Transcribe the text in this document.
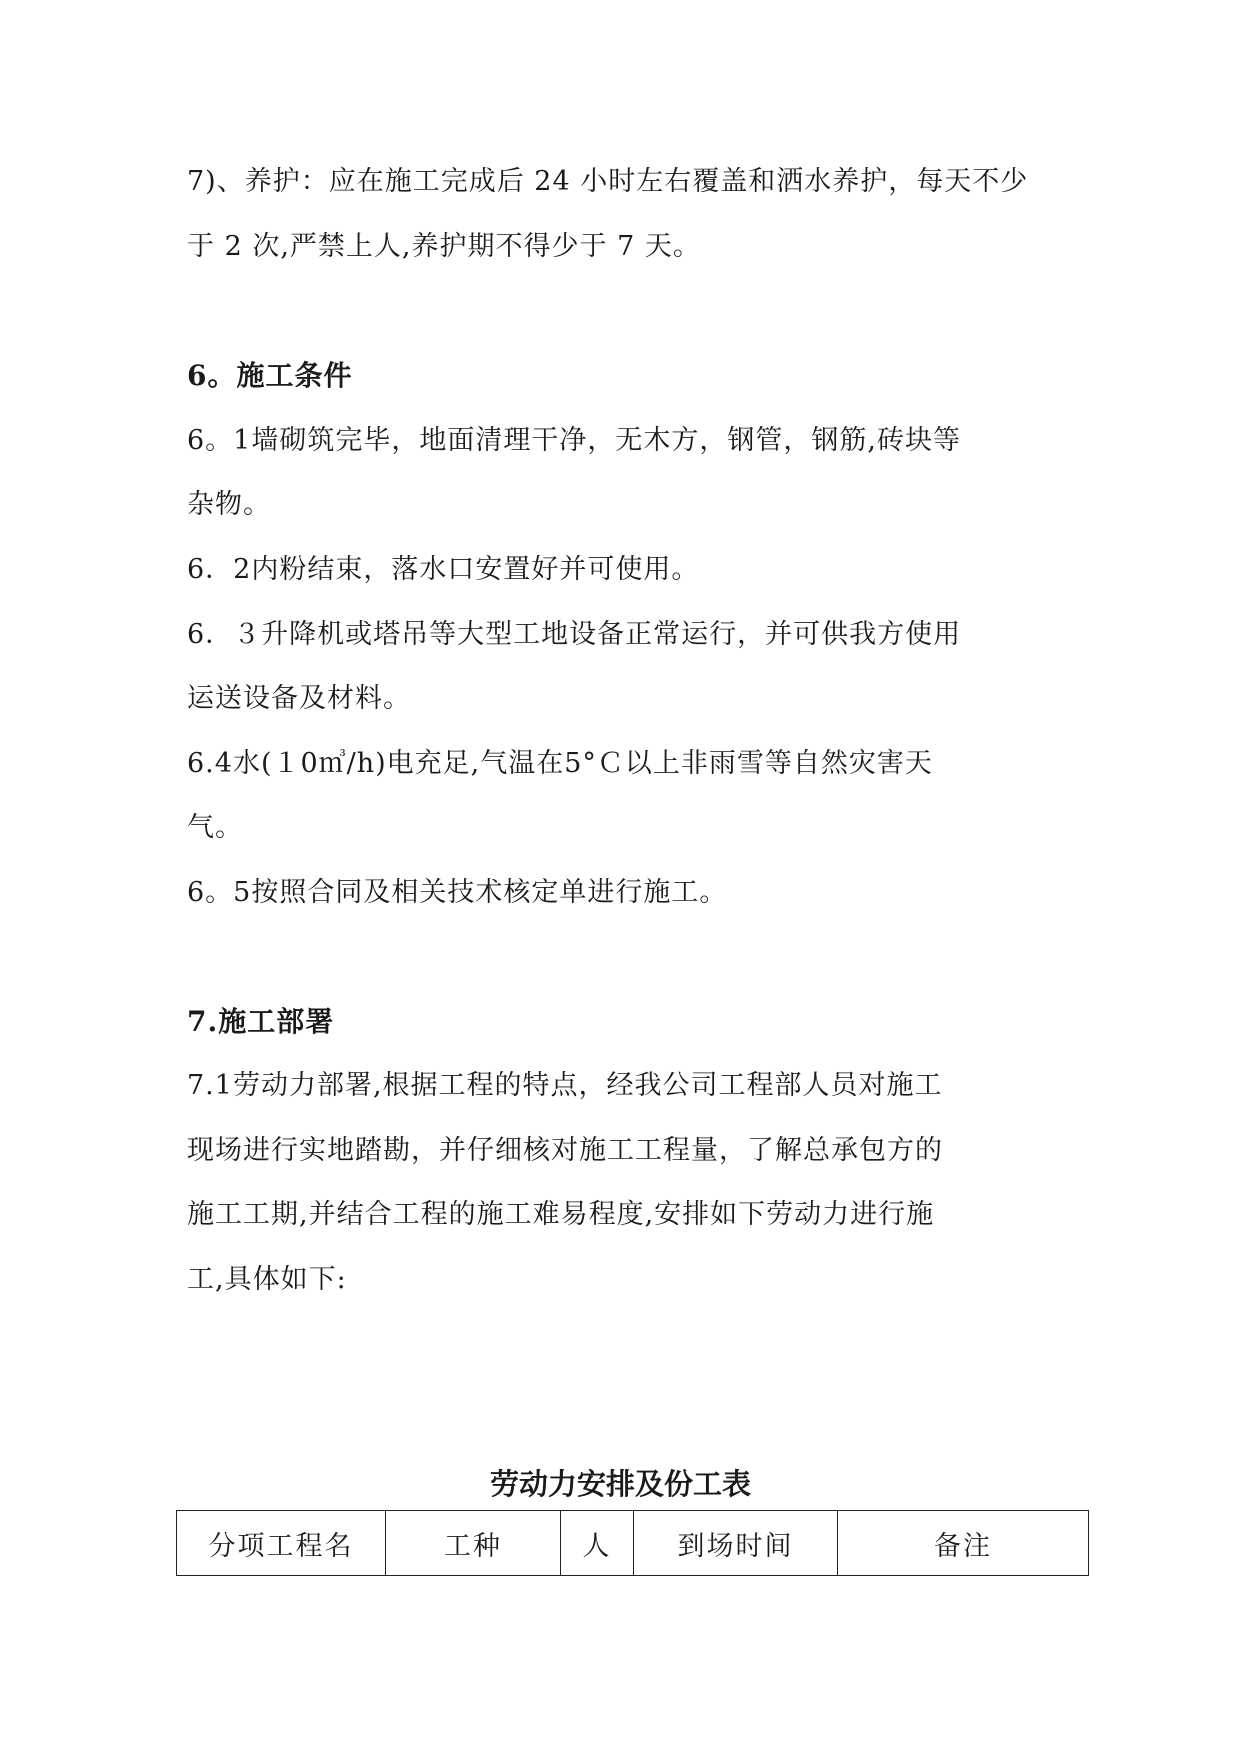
7)、养护：应在施工完成后 24 小时左右覆盖和洒水养护，每天不少
于 2 次,严禁上人,养护期不得少于 7 天。
6。施工条件
6。1墙砌筑完毕，地面清理干净，无木方，钢管，钢筋,砖块等
杂物。
6．2内粉结束，落水口安置好并可使用。
6．３升降机或塔吊等大型工地设备正常运行，并可供我方使用
运送设备及材料。
6.4水(１0㎥/h)电充足,气温在5°Ｃ以上非雨雪等自然灾害天
气。
6。5按照合同及相关技术核定单进行施工。
7.施工部署
7.1劳动力部署,根据工程的特点，经我公司工程部人员对施工
现场进行实地踏勘，并仔细核对施工工程量，了解总承包方的
施工工期,并结合工程的施工难易程度,安排如下劳动力进行施
工,具体如下:
劳动力安排及份工表
分项工程名	工种	人	到场时间	备注
